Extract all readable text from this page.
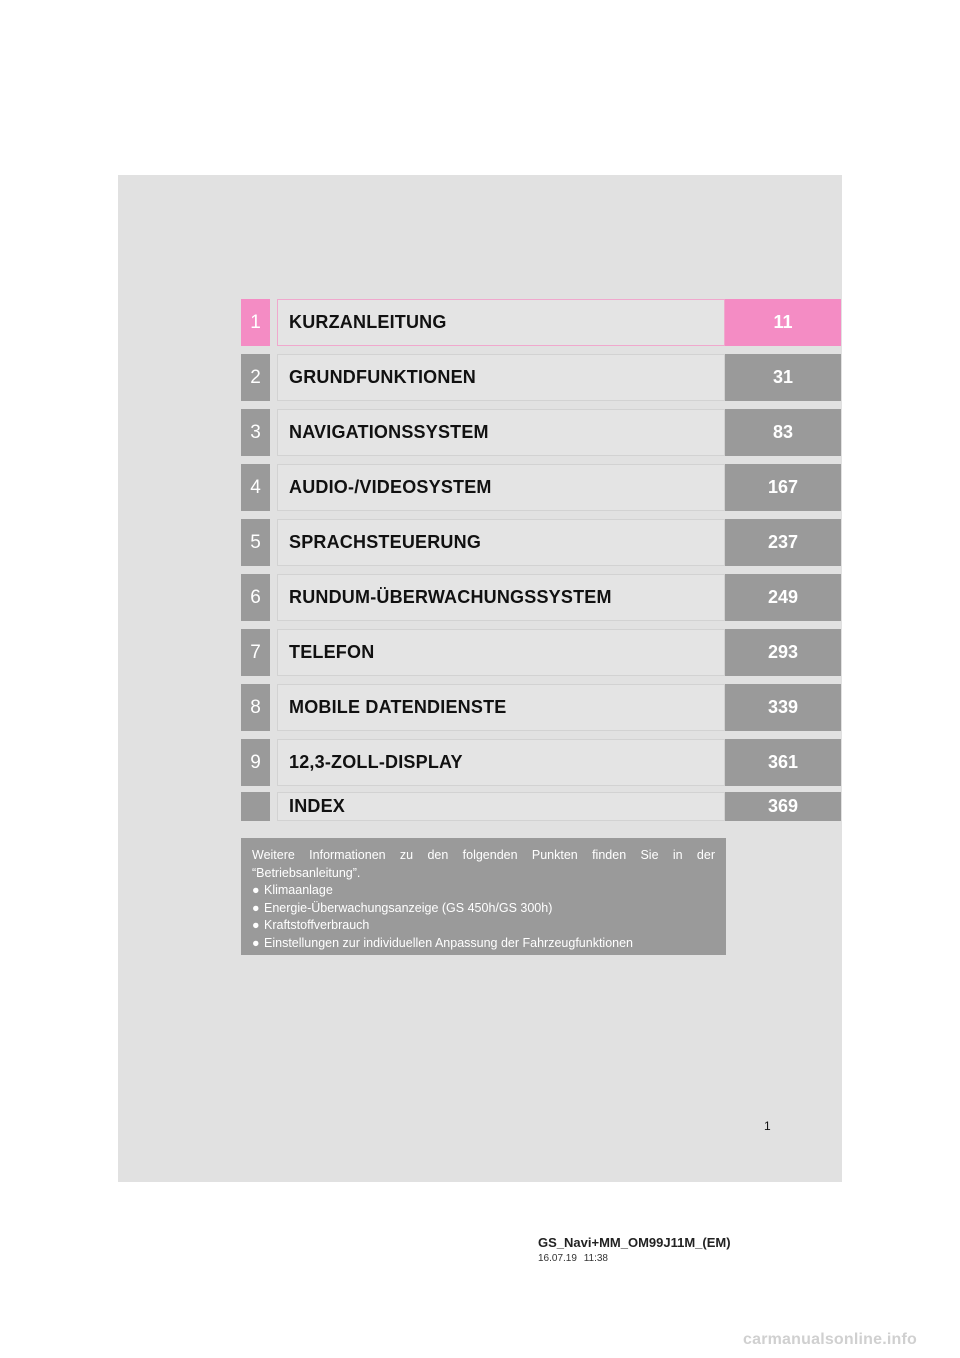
1	KURZANLEITUNG	11
2	GRUNDFUNKTIONEN	31
3	NAVIGATIONSSYSTEM	83
4	AUDIO-/VIDEOSYSTEM	167
5	SPRACHSTEUERUNG	237
6	RUNDUM-ÜBERWACHUNGSSYSTEM	249
7	TELEFON	293
8	MOBILE DATENDIENSTE	339
9	12,3-ZOLL-DISPLAY	361
INDEX	369

Weitere Informationen zu den folgenden Punkten finden Sie in der “Betriebsanleitung”.

● Klimaanlage
● Energie-Überwachungsanzeige (GS 450h/GS 300h)
● Kraftstoffverbrauch
● Einstellungen zur individuellen Anpassung der Fahrzeugfunktionen
1
GS_Navi+MM_OM99J11M_(EM)
16.07.19 11:38
carmanualsonline.info
